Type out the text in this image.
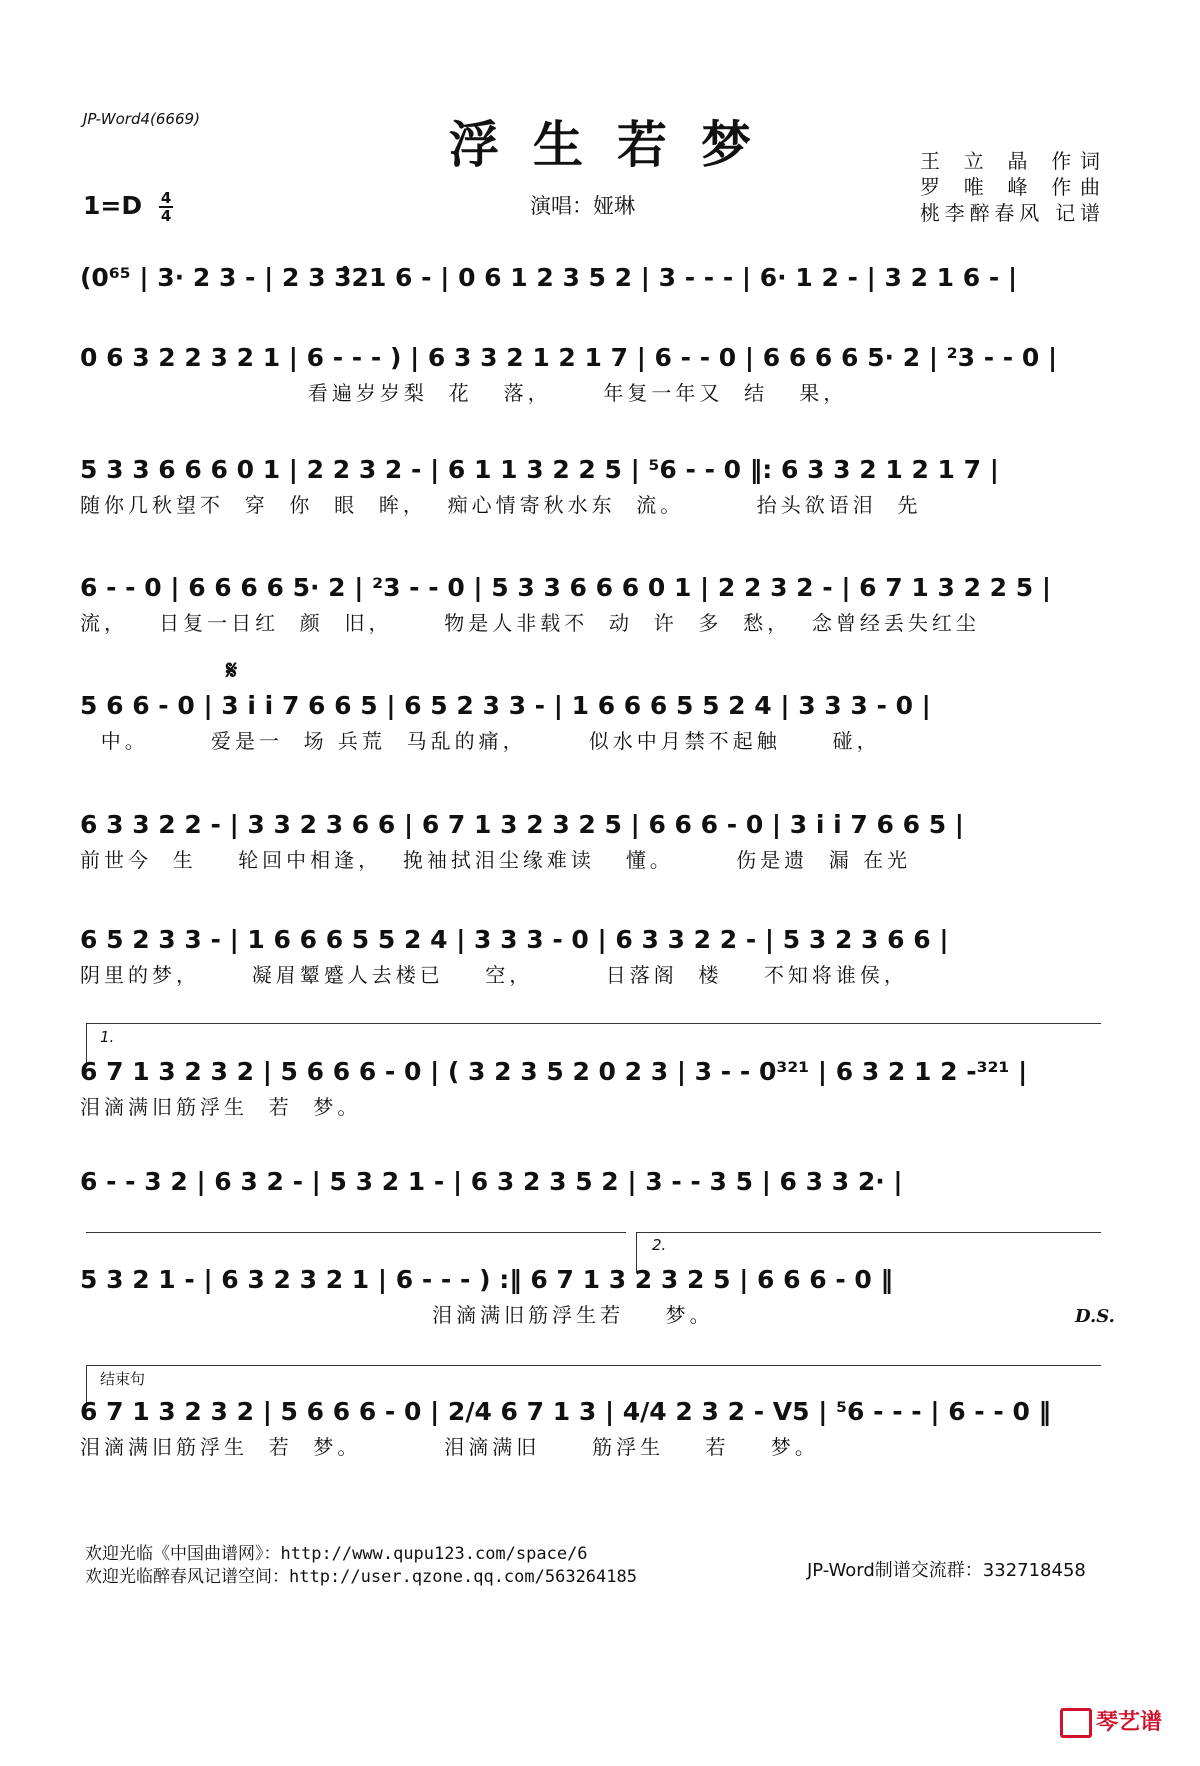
JP-Word4(6669)	浮生若梦
$1=D \frac{4}{4}$	演唱：娅琳
王 立 晶 作词
罗 唯 峰 作曲
桃李醉春风 记谱
(0⁶⁵ | 3· 2 3 - | 2 3 3̂21 6 - | 0 6 1 2 3 5 2 | 3 - - - | 6· 1 2 - | 3 2 1 6 - |
0 6 3 2 2 3 2 1 | 6 - - - ) | 6 3 3 2 1 2 1 7 | 6 - - 0 | 6 6 6 6 5· 2 | ²3 - - 0 |
看遍岁岁梨  花   落，     年复一年又  结   果，
5 3 3 6 6 6 0 1 | 2 2 3 2 - | 6 1 1 3 2 2 5 | ⁵6 - - 0 ‖: 6 3 3 2 1 2 1 7 |
随你几秋望不  穿  你  眼  眸，  痴心情寄秋水东  流。       抬头欲语泪  先
6 - - 0 | 6 6 6 6 5· 2 | ²3 - - 0 | 5 3 3 6 6 6 0 1 | 2 2 3 2 - | 6 7 1 3 2 2 5 |
流，   日复一日红  颜  旧，     物是人非载不  动  许  多  愁，  念曾经丢失红尘
𝄋
5 6 6 - 0 | 3 i i 7 6 6 5 | 6 5 2 3 3 - | 1 6 6 6 5 5 2 4 | 3 3 3 - 0 |
中。      爱是一  场 兵荒  马乱的痛，      似水中月禁不起触     碰，
6 3 3 2 2 - | 3 3 2 3 6 6 | 6 7 1 3 2 3 2 5 | 6 6 6 - 0 | 3 i i 7 6 6 5 |
前世今  生    轮回中相逢，  挽袖拭泪尘缘难读   懂。      伤是遗  漏 在光
6 5 2 3 3 - | 1 6 6 6 5 5 2 4 | 3 3 3 - 0 | 6 3 3 2 2 - | 5 3 2 3 6 6 |
阴里的梦，     凝眉颦蹙人去楼已    空，       日落阁  楼    不知将谁侯，
1.
6 7 1 3 2 3 2 | 5 6 6 6 - 0 | ( 3 2 3 5 2 0 2 3 | 3 - - 0³²¹ | 6 3 2 1 2 -³²¹ |
泪滴满旧筋浮生  若  梦。
6 - - 3 2 | 6 3 2 - | 5 3 2 1 - | 6 3 2 3 5 2 | 3 - - 3 5 | 6 3 3 2· |
2.
5 3 2 1 - | 6 3 2 3 2 1 | 6 - - - ) :‖ 6 7 1 3 2 3 2 5 | 6 6 6 - 0 ‖
泪滴满旧筋浮生若    梦。	D.S.
结束句
6 7 1 3 2 3 2 | 5 6 6 6 - 0 | 2/4 6 7 1 3 | 4/4 2 3 2 - ᐯ5 | ⁵6 - - - | 6 - - 0 ‖
泪滴满旧筋浮生  若  梦。        泪滴满旧     筋浮生    若    梦。
欢迎光临《中国曲谱网》：http://www.qupu123.com/space/6
欢迎光临醉春风记谱空间：http://user.qzone.qq.com/563264185	JP-Word制谱交流群：332718458
琴艺谱
